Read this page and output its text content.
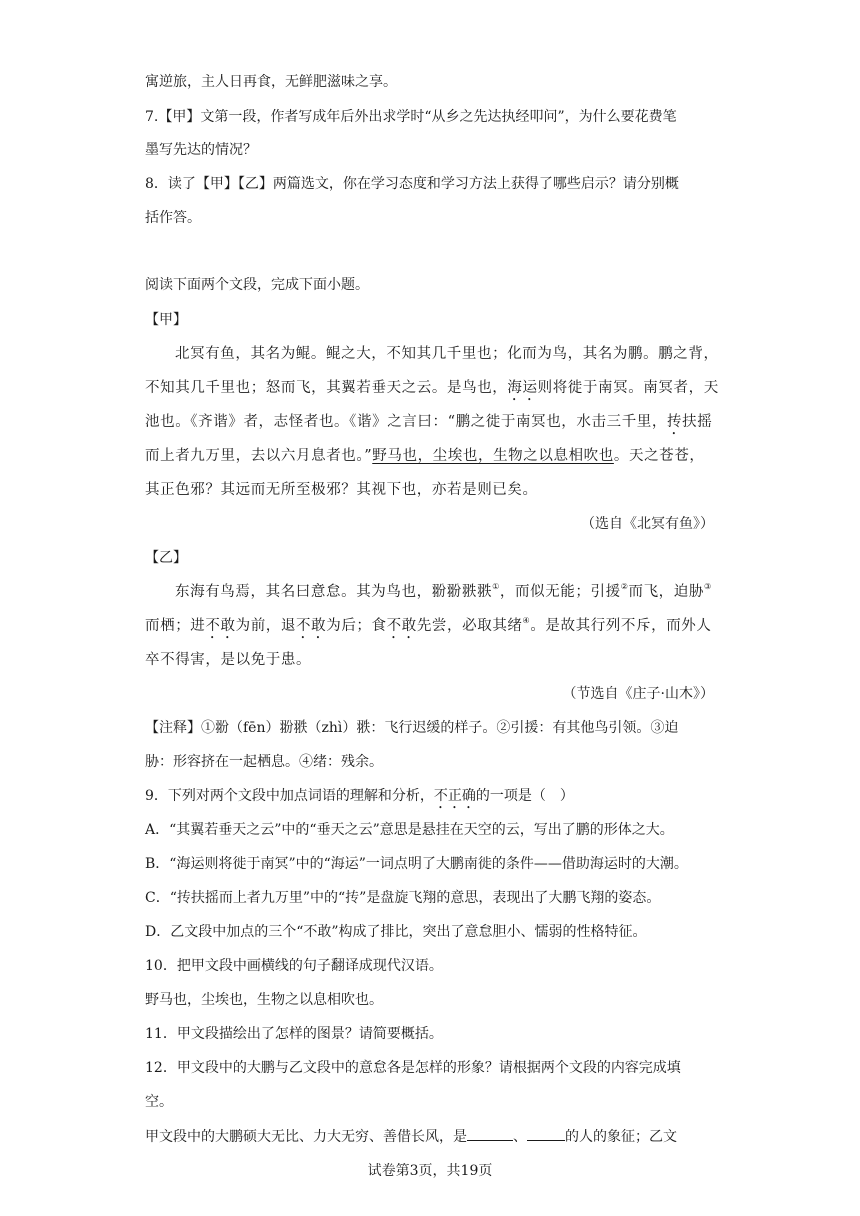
寓逆旅，主人日再食，无鲜肥滋味之享。
7.【甲】文第一段，作者写成年后外出求学时“从乡之先达执经叩问”，为什么要花费笔
墨写先达的情况？
8．读了【甲】【乙】两篇选文，你在学习态度和学习方法上获得了哪些启示？请分别概
括作答。
阅读下面两个文段，完成下面小题。
【甲】
北冥有鱼，其名为鲲。鲲之大，不知其几千里也；化而为鸟，其名为鹏。鹏之背，
不知其几千里也；怒而飞，其翼若垂天之云。是鸟也，海运则将徙于南冥。南冥者，天
池也。《齐谐》者，志怪者也。《谐》之言曰：“鹏之徙于南冥也，水击三千里，抟扶摇
而上者九万里，去以六月息者也。”野马也，尘埃也，生物之以息相吹也。天之苍苍，
其正色邪？其远而无所至极邪？其视下也，亦若是则已矣。
（选自《北冥有鱼》）
【乙】
东海有鸟焉，其名曰意怠。其为鸟也，翂翂翐翐①，而似无能；引援②而飞，迫胁③
而栖；进不敢为前，退不敢为后；食不敢先尝，必取其绪④。是故其行列不斥，而外人
卒不得害，是以免于患。
（节选自《庄子·山木》）
【注释】①翂（fēn）翂翐（zhì）翐：飞行迟缓的样子。②引援：有其他鸟引领。③迫
胁：形容挤在一起栖息。④绪：残余。
9．下列对两个文段中加点词语的理解和分析，不正确的一项是（　）
A．“其翼若垂天之云”中的“垂天之云”意思是悬挂在天空的云，写出了鹏的形体之大。
B．“海运则将徙于南冥”中的“海运”一词点明了大鹏南徙的条件——借助海运时的大潮。
C．“抟扶摇而上者九万里”中的“抟”是盘旋飞翔的意思，表现出了大鹏飞翔的姿态。
D．乙文段中加点的三个“不敢”构成了排比，突出了意怠胆小、懦弱的性格特征。
10．把甲文段中画横线的句子翻译成现代汉语。
野马也，尘埃也，生物之以息相吹也。
11．甲文段描绘出了怎样的图景？请简要概括。
12．甲文段中的大鹏与乙文段中的意怠各是怎样的形象？请根据两个文段的内容完成填
空。
甲文段中的大鹏硕大无比、力大无穷、善借长风，是	、	的人的象征；乙文
试卷第3页，共19页
